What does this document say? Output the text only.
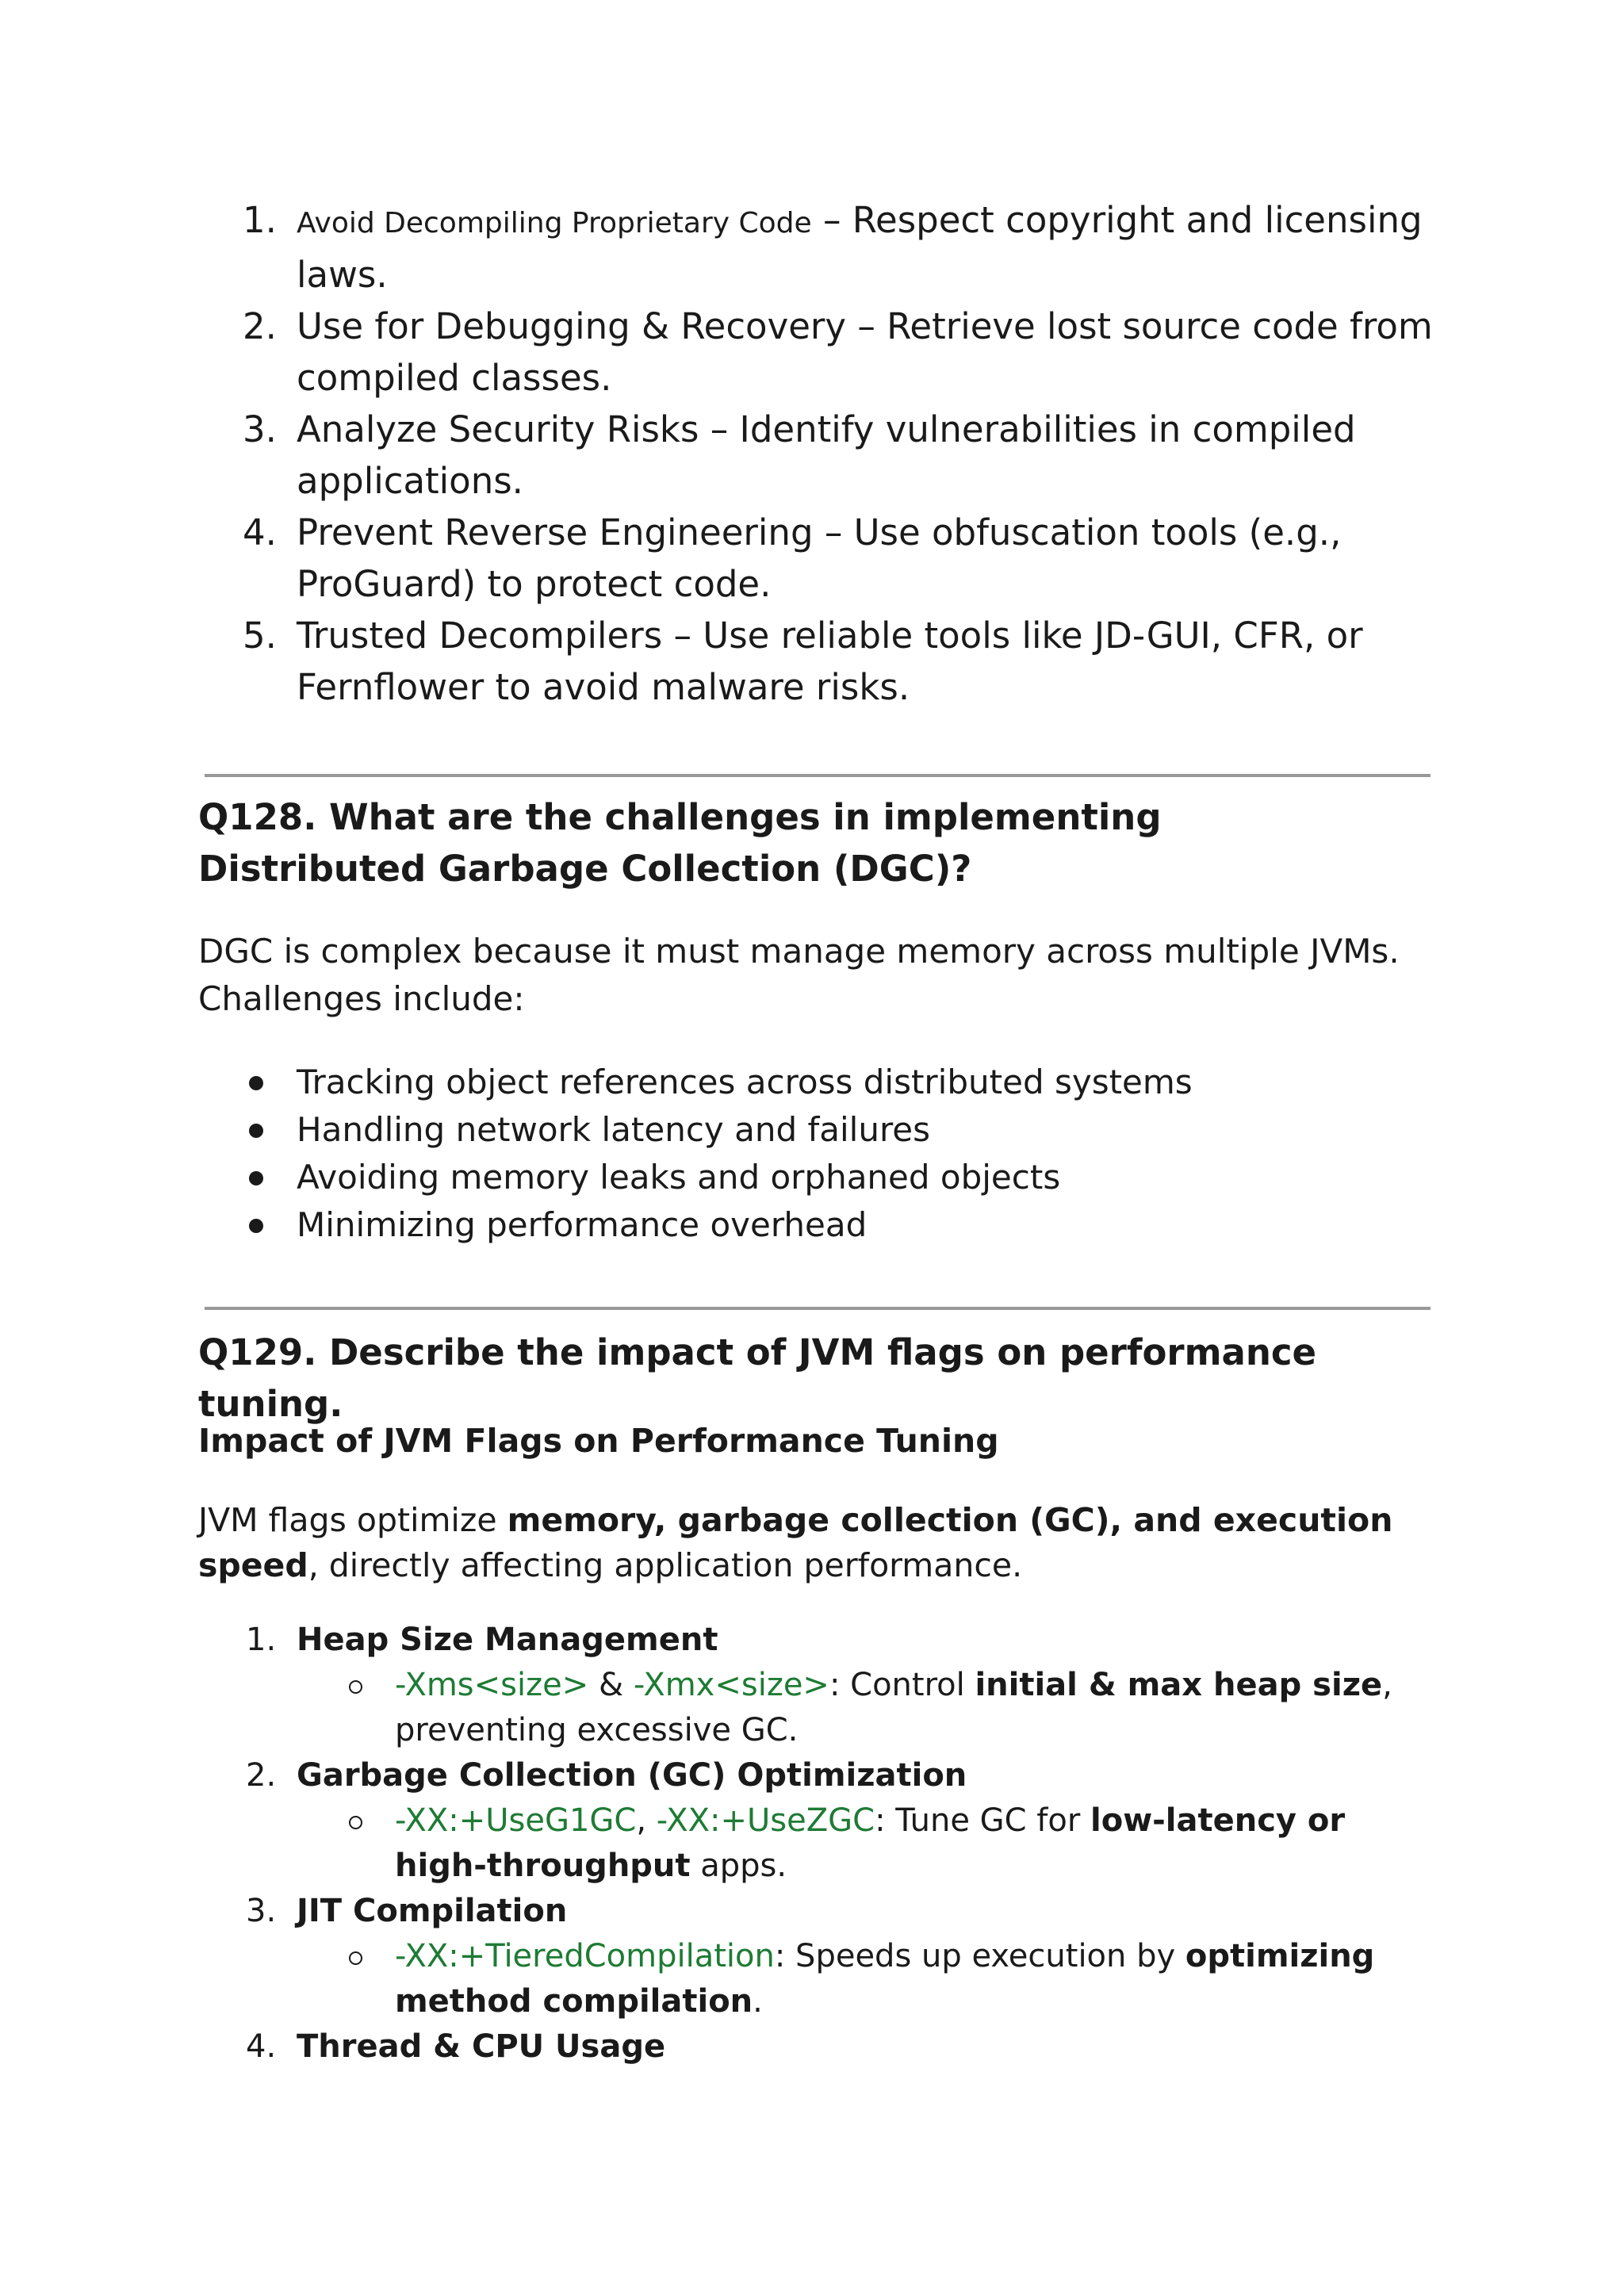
1. Avoid Decompiling Proprietary Code – Respect copyright and licensing laws.
2. Use for Debugging & Recovery – Retrieve lost source code from compiled classes.
3. Analyze Security Risks – Identify vulnerabilities in compiled applications.
4. Prevent Reverse Engineering – Use obfuscation tools (e.g., ProGuard) to protect code.
5. Trusted Decompilers – Use reliable tools like JD-GUI, CFR, or Fernflower to avoid malware risks.
Q128. What are the challenges in implementing Distributed Garbage Collection (DGC)?

DGC is complex because it must manage memory across multiple JVMs. Challenges include:

Tracking object references across distributed systems
Handling network latency and failures
Avoiding memory leaks and orphaned objects
Minimizing performance overhead
Q129. Describe the impact of JVM flags on performance tuning.
Impact of JVM Flags on Performance Tuning

JVM flags optimize memory, garbage collection (GC), and execution speed, directly affecting application performance.

1. Heap Size Management
-Xms<size> & -Xmx<size>: Control initial & max heap size, preventing excessive GC.
2. Garbage Collection (GC) Optimization
-XX:+UseG1GC, -XX:+UseZGC: Tune GC for low-latency or high-throughput apps.
3. JIT Compilation
-XX:+TieredCompilation: Speeds up execution by optimizing method compilation.
4. Thread & CPU Usage
